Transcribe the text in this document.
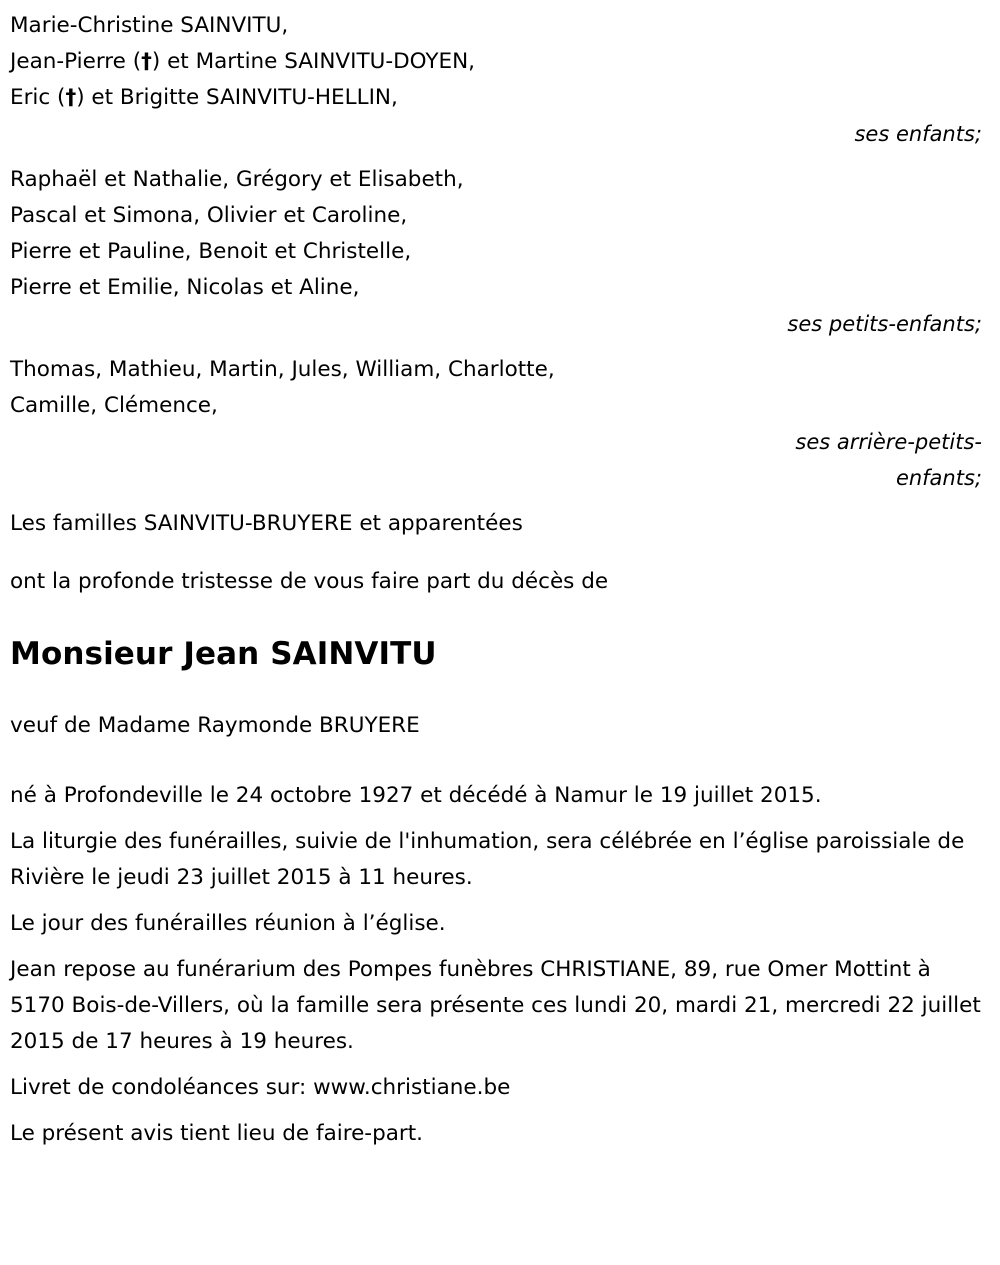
Marie-Christine SAINVITU,
Jean-Pierre (†) et Martine SAINVITU-DOYEN,
Eric (†) et Brigitte SAINVITU-HELLIN,
ses enfants;
Raphaël et Nathalie, Grégory et Elisabeth,
Pascal et Simona, Olivier et Caroline,
Pierre et Pauline, Benoit et Christelle,
Pierre et Emilie, Nicolas et Aline,
ses petits-enfants;
Thomas, Mathieu, Martin, Jules, William, Charlotte,
Camille, Clémence,
ses arrière-petits-
enfants;
Les familles SAINVITU-BRUYERE et apparentées
ont la profonde tristesse de vous faire part du décès de
Monsieur Jean SAINVITU
veuf de Madame Raymonde BRUYERE
né à Profondeville le 24 octobre 1927 et décédé à Namur le 19 juillet 2015.
La liturgie des funérailles, suivie de l'inhumation, sera célébrée en l’église paroissiale de Rivière le jeudi 23 juillet 2015 à 11 heures.
Le jour des funérailles réunion à l’église.
Jean repose au funérarium des Pompes funèbres CHRISTIANE, 89, rue Omer Mottint à 5170 Bois-de-Villers, où la famille sera présente ces lundi 20, mardi 21, mercredi 22 juillet 2015 de 17 heures à 19 heures.
Livret de condoléances sur: www.christiane.be
Le présent avis tient lieu de faire-part.
